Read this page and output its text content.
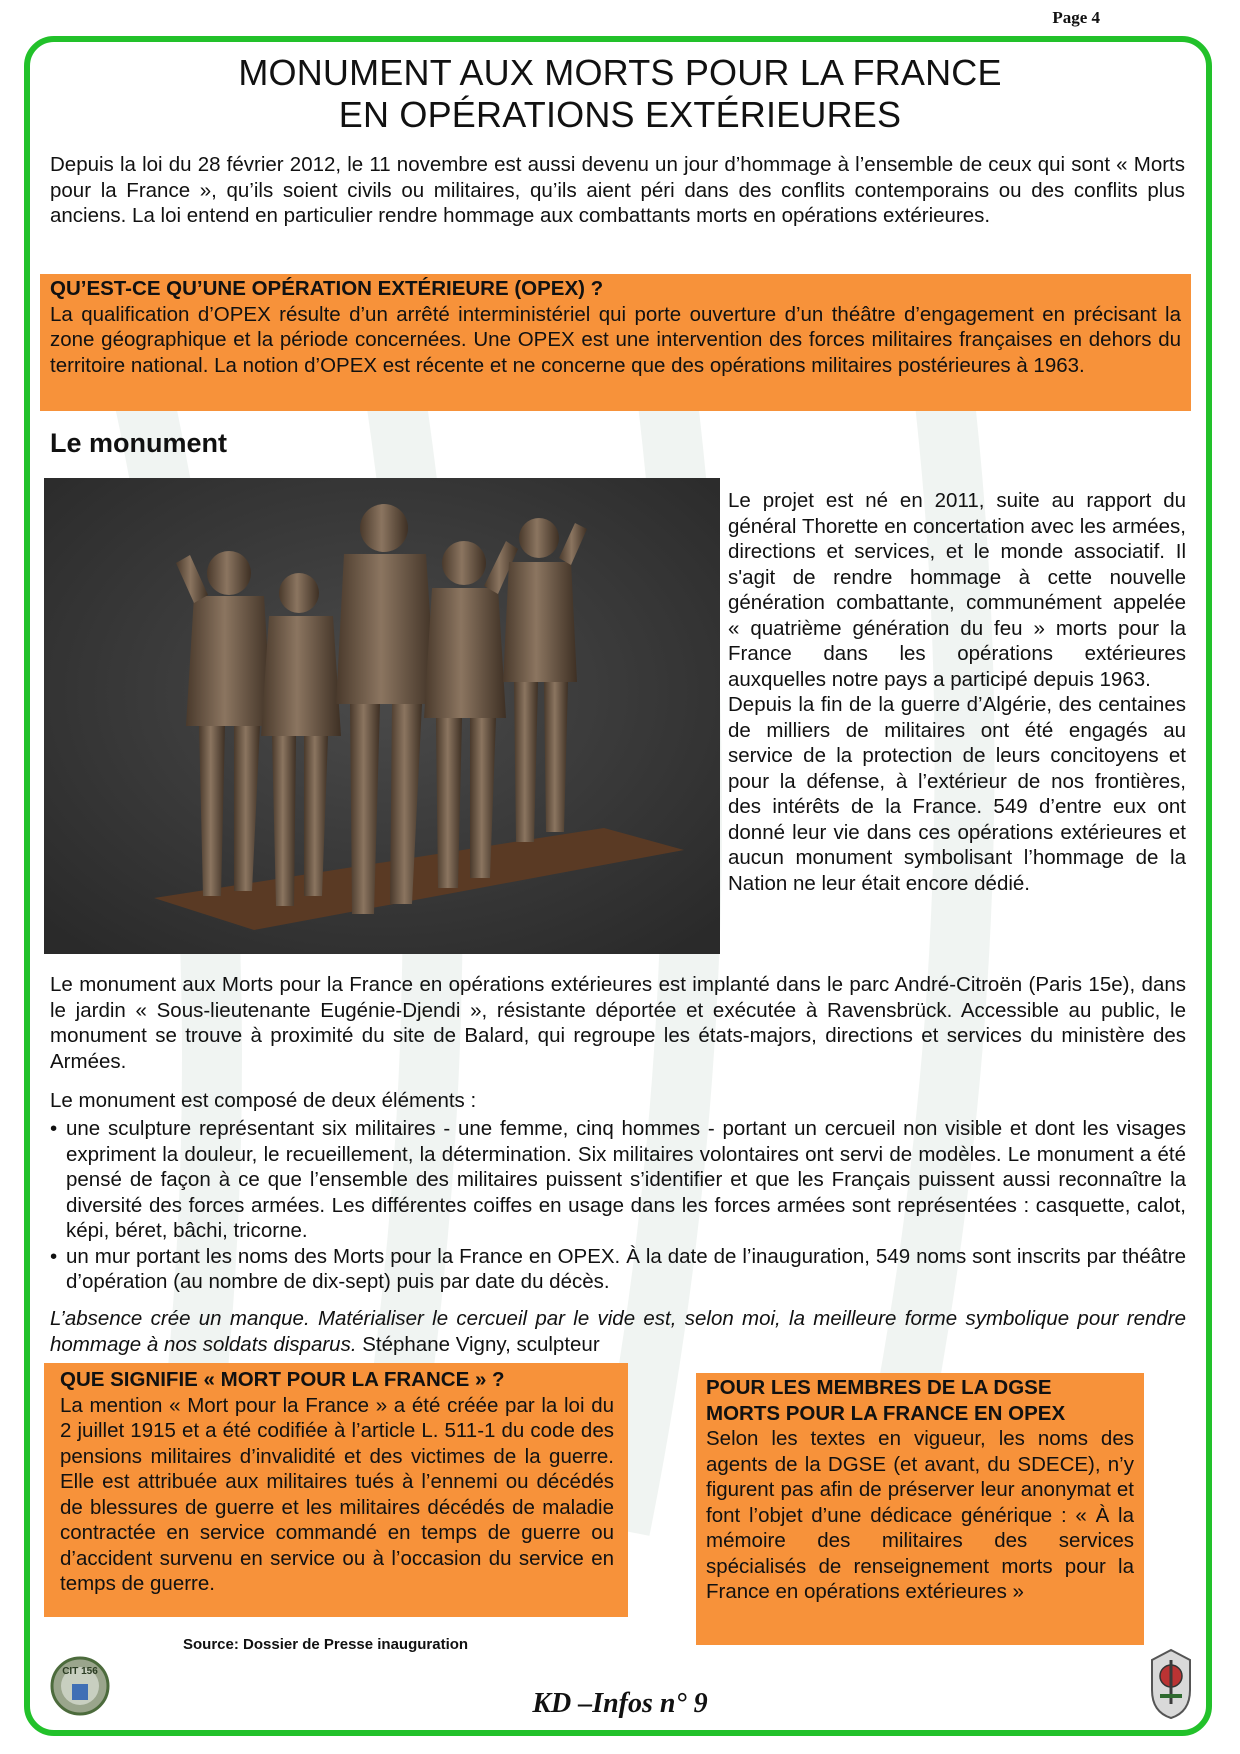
Page 4
MONUMENT AUX MORTS POUR LA FRANCE
EN OPÉRATIONS EXTÉRIEURES

Depuis la loi du 28 février 2012, le 11 novembre est aussi devenu un jour d’hommage à l’ensemble de ceux qui sont « Morts pour la France », qu’ils soient civils ou militaires, qu’ils aient péri dans des conflits contemporains ou des conflits plus anciens. La loi entend en particulier rendre hommage aux combattants morts en opérations extérieures.

QU’EST-CE QU’UNE OPÉRATION EXTÉRIEURE (OPEX) ?
La qualification d’OPEX résulte d’un arrêté interministériel qui porte ouverture d’un théâtre d’engagement en précisant la zone géographique et la période concernées. Une OPEX est une intervention des forces militaires françaises en dehors du territoire national. La notion d’OPEX est récente et ne concerne que des opérations militaires postérieures à 1963.
Le monument
Le projet est né en 2011, suite au rapport du général Thorette en concertation avec les armées, directions et services, et le monde associatif. Il s'agit de rendre hommage à cette nouvelle génération combattante, communément appelée « quatrième génération du feu » morts pour la France dans les opérations extérieures auxquelles notre pays a participé depuis 1963.
Depuis la fin de la guerre d’Algérie, des centaines de milliers de militaires ont été engagés au service de la protection de leurs concitoyens et pour la défense, à l’extérieur de nos frontières, des intérêts de la France. 549 d’entre eux ont donné leur vie dans ces opérations extérieures et aucun monument symbolisant l’hommage de la Nation ne leur était encore dédié.

Le monument aux Morts pour la France en opérations extérieures est implanté dans le parc André-Citroën (Paris 15e), dans le jardin « Sous-lieutenante Eugénie-Djendi », résistante déportée et exécutée à Ravensbrück. Accessible au public, le monument se trouve à proximité du site de Balard, qui regroupe les états-majors, directions et services du ministère des Armées.

Le monument est composé de deux éléments :

• une sculpture représentant six militaires - une femme, cinq hommes - portant un cercueil non visible et dont les visages expriment la douleur, le recueillement, la détermination. Six militaires volontaires ont servi de modèles. Le monument a été pensé de façon à ce que l’ensemble des militaires puissent s’identifier et que les Français puissent aussi reconnaître la diversité des forces armées. Les différentes coiffes en usage dans les forces armées sont représentées : casquette, calot, képi, béret, bâchi, tricorne.
• un mur portant les noms des Morts pour la France en OPEX. À la date de l’inauguration, 549 noms sont inscrits par théâtre d’opération (au nombre de dix-sept) puis par date du décès.

L’absence crée un manque. Matérialiser le cercueil par le vide est, selon moi, la meilleure forme symbolique pour rendre hommage à nos soldats disparus. Stéphane Vigny, sculpteur

QUE SIGNIFIE « MORT POUR LA FRANCE » ?
La mention « Mort pour la France » a été créée par la loi du 2 juillet 1915 et a été codifiée à l’article L. 511-1 du code des pensions militaires d’invalidité et des victimes de la guerre. Elle est attribuée aux militaires tués à l’ennemi ou décédés de blessures de guerre et les militaires décédés de maladie contractée en service commandé en temps de guerre ou d’accident survenu en service ou à l’occasion du service en temps de guerre.
POUR LES MEMBRES DE LA DGSE
MORTS POUR LA FRANCE EN OPEX
Selon les textes en vigueur, les noms des agents de la DGSE (et avant, du SDECE), n’y figurent pas afin de préserver leur anonymat et font l’objet d’une dédicace générique : « À la mémoire des militaires des services spécialisés de renseignement morts pour la France en opérations extérieures »
Source: Dossier de Presse inauguration
KD –Infos n° 9
CIT 156
